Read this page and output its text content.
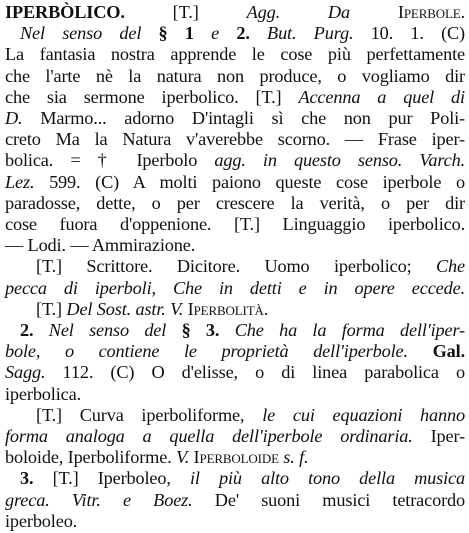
IPERBÒLICO. [T.] Agg. Da Iperbole.
Nel senso del § 1 e 2. But. Purg. 10. 1. (C)
La fantasia nostra apprende le cose più perfettamente
che l'arte nè la natura non produce, o vogliamo dir
che sia sermone iperbolico. [T.] Accenna a quel di
D. Marmo... adorno D'intagli sì che non pur Poli-
creto Ma la Natura v'averebbe scorno. — Frase iper-
bolica. = † Iperbolo agg. in questo senso. Varch.
Lez. 599. (C) A molti paiono queste cose iperbole o
paradosse, dette, o per crescere la verità, o per dir
cose fuora d'oppenione. [T.] Linguaggio iperbolico.
— Lodi. — Ammirazione.
[T.] Scrittore. Dicitore. Uomo iperbolico; Che
pecca di iperboli, Che in detti e in opere eccede.
[T.] Del Sost. astr. V. Iperbolità.
2. Nel senso del § 3. Che ha la forma dell'iper-
bole, o contiene le proprietà dell'iperbole. Gal.
Sagg. 112. (C) O d'elisse, o di linea parabolica o
iperbolica.
[T.] Curva iperboliforme, le cui equazioni hanno
forma analoga a quella dell'iperbole ordinaria. Iper-
boloide, Iperboliforme. V. Iperboloide s. f.
3. [T.] Iperboleo, il più alto tono della musica
greca. Vitr. e Boez. De' suoni musici tetracordo
iperboleo.
